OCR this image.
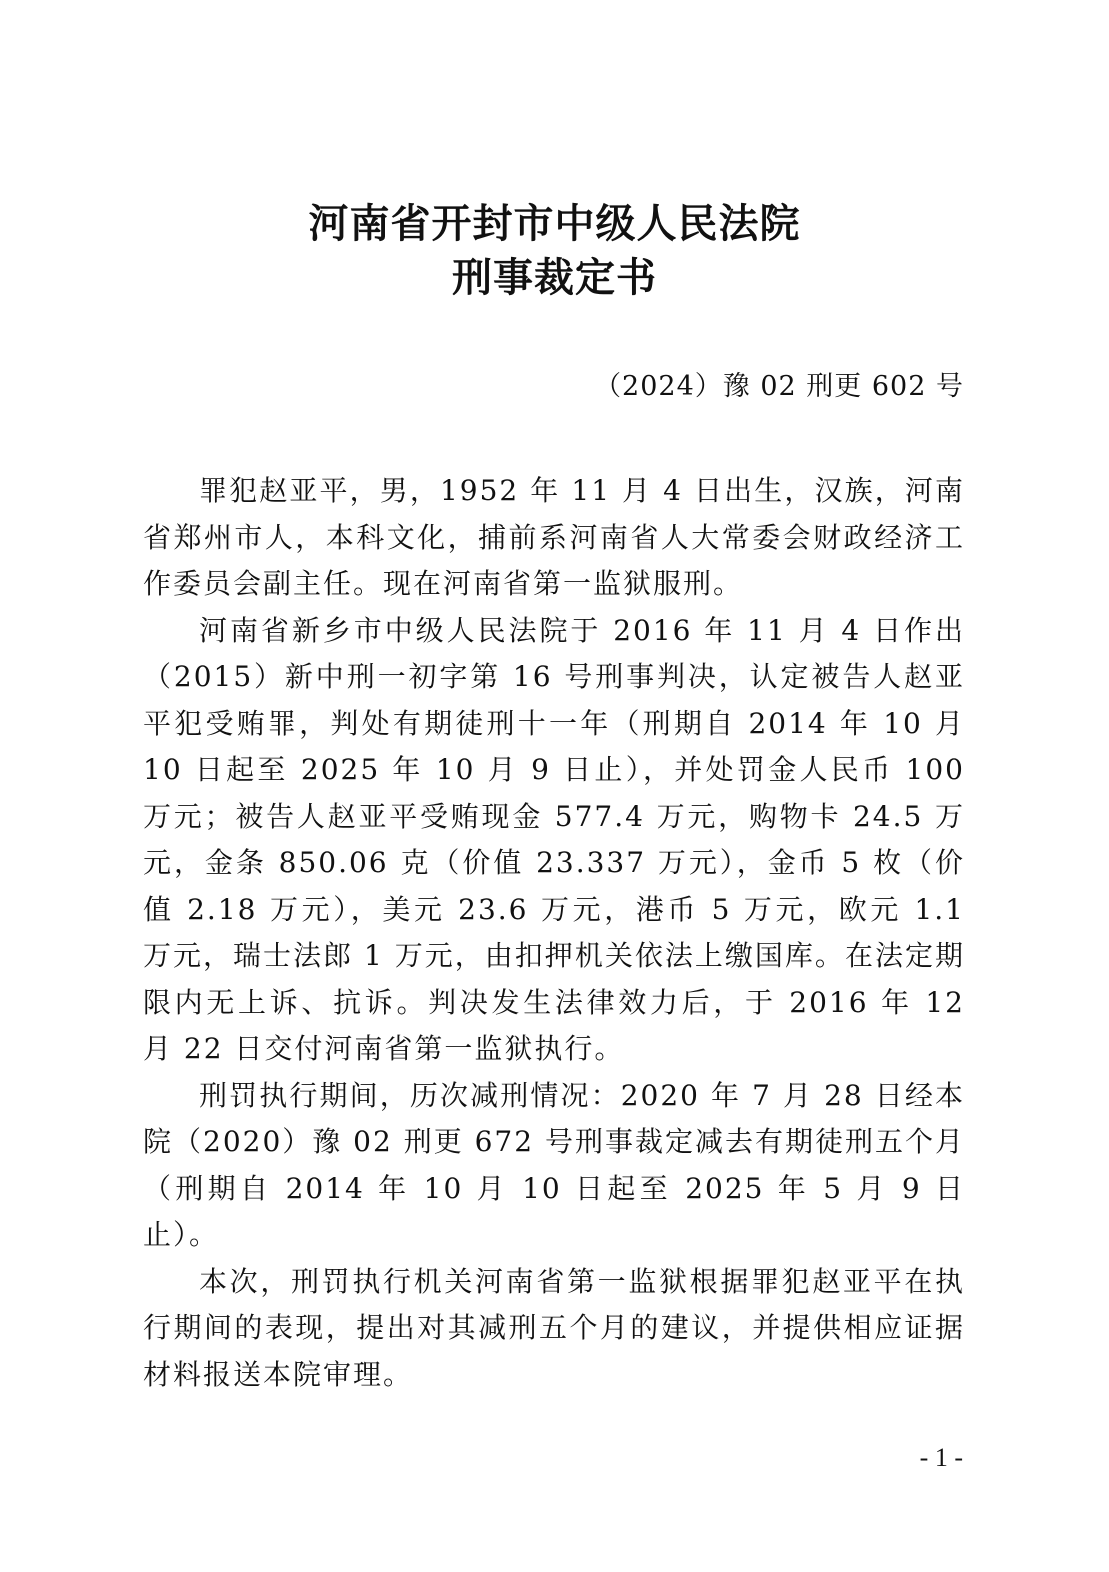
河南省开封市中级人民法院
刑事裁定书
（2024）豫 02 刑更 602 号

罪犯赵亚平，男，1952 年 11 月 4 日出生，汉族，河南省郑州市人，本科文化，捕前系河南省人大常委会财政经济工作委员会副主任。现在河南省第一监狱服刑。

河南省新乡市中级人民法院于 2016 年 11 月 4 日作出（2015）新中刑一初字第 16 号刑事判决，认定被告人赵亚平犯受贿罪，判处有期徒刑十一年（刑期自 2014 年 10 月 10 日起至 2025 年 10 月 9 日止），并处罚金人民币 100 万元；被告人赵亚平受贿现金 577.4 万元，购物卡 24.5 万元，金条 850.06 克（价值 23.337 万元），金币 5 枚（价值 2.18 万元），美元 23.6 万元，港币 5 万元，欧元 1.1 万元，瑞士法郎 1 万元，由扣押机关依法上缴国库。在法定期限内无上诉、抗诉。判决发生法律效力后，于 2016 年 12 月 22 日交付河南省第一监狱执行。

刑罚执行期间，历次减刑情况：2020 年 7 月 28 日经本院（2020）豫 02 刑更 672 号刑事裁定减去有期徒刑五个月（刑期自 2014 年 10 月 10 日起至 2025 年 5 月 9 日止）。

本次，刑罚执行机关河南省第一监狱根据罪犯赵亚平在执行期间的表现，提出对其减刑五个月的建议，并提供相应证据材料报送本院审理。

- 1 -
